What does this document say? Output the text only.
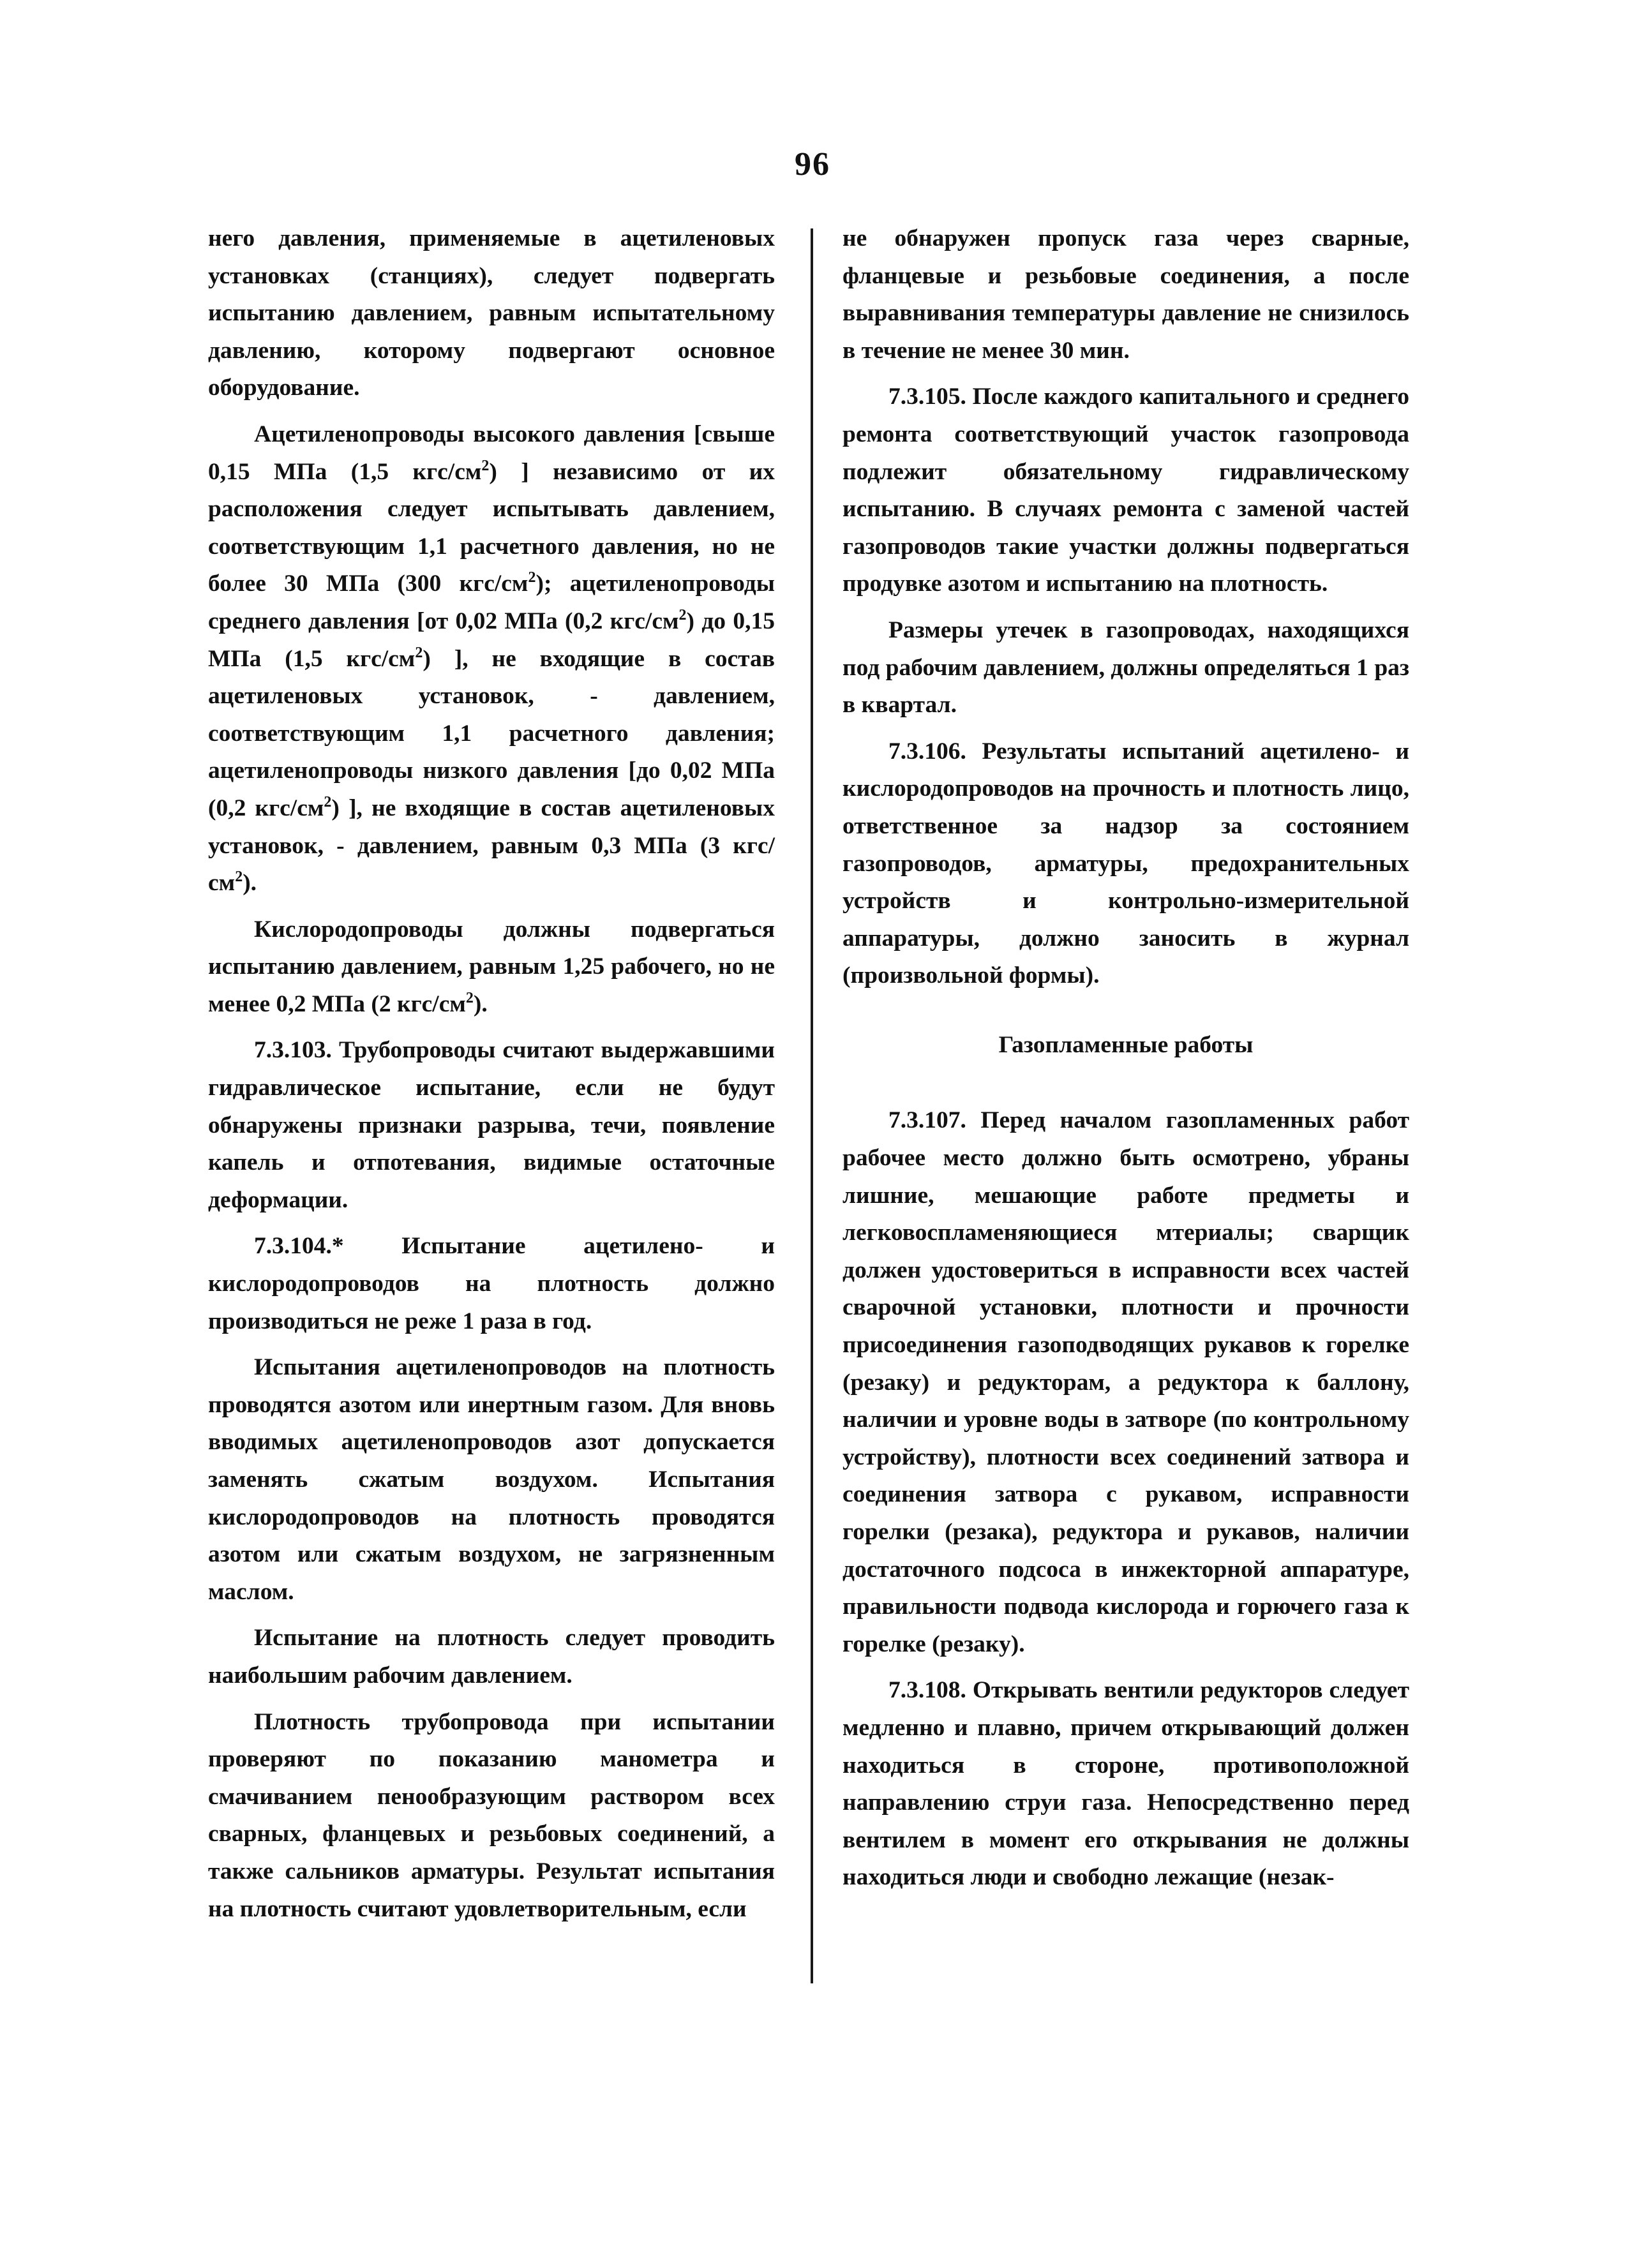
96

него давления, применяемые в ацетиленовых установках (станциях), следует подвергать испытанию давлением, равным испытательному давлению, которому подвергают основное оборудование.

Ацетиленопроводы высокого давления [свыше 0,15 МПа (1,5 кгс/$см^2$) ] независимо от их расположения следует испытывать давлением, соответствующим 1,1 расчетного давления, но не более 30 МПа (300 кгс/$см^2$); ацетиленопроводы среднего давления [от 0,02 МПа (0,2 кгс/$см^2$) до 0,15 МПа (1,5 кгс/$см^2$) ], не входящие в состав ацетиленовых установок, - давлением, соответствующим 1,1 расчетного давления; ацетиленопроводы низкого давления [до 0,02 МПа (0,2 кгс/$см^2$) ], не входящие в состав ацетиленовых установок, - давлением, равным 0,3 МПа (3 кгс/$см^2$).

Кислородопроводы должны подвергаться испытанию давлением, равным 1,25 рабочего, но не менее 0,2 МПа (2 кгс/$см^2$).

7.3.103. Трубопроводы считают выдержавшими гидравлическое испытание, если не будут обнаружены признаки разрыва, течи, появление капель и отпотевания, видимые остаточные деформации.

7.3.104.* Испытание ацетилено- и кислородопроводов на плотность должно производиться не реже 1 раза в год.

Испытания ацетиленопроводов на плотность проводятся азотом или инертным газом. Для вновь вводимых ацетиленопроводов азот допускается заменять сжатым воздухом. Испытания кислородопроводов на плотность проводятся азотом или сжатым воздухом, не загрязненным маслом.

Испытание на плотность следует проводить наибольшим рабочим давлением.

Плотность трубопровода при испытании проверяют по показанию манометра и смачиванием пенообразующим раствором всех сварных, фланцевых и резьбовых соединений, а также сальников арматуры. Результат испытания на плотность считают удовлетворительным, если

не обнаружен пропуск газа через сварные, фланцевые и резьбовые соединения, а после выравнивания температуры давление не снизилось в течение не менее 30 мин.

7.3.105. После каждого капитального и среднего ремонта соответствующий участок газопровода подлежит обязательному гидравлическому испытанию. В случаях ремонта с заменой частей газопроводов такие участки должны подвергаться продувке азотом и испытанию на плотность.

Размеры утечек в газопроводах, находящихся под рабочим давлением, должны определяться 1 раз в квартал.

7.3.106. Результаты испытаний ацетилено- и кислородопроводов на прочность и плотность лицо, ответственное за надзор за состоянием газопроводов, арматуры, предохранительных устройств и контрольно-измерительной аппаратуры, должно заносить в журнал (произвольной формы).

Газопламенные работы

7.3.107. Перед началом газопламенных работ рабочее место должно быть осмотрено, убраны лишние, мешающие работе предметы и легковоспламеняющиеся мтериалы; сварщик должен удостовериться в исправности всех частей сварочной установки, плотности и прочности присоединения газоподводящих рукавов к горелке (резаку) и редукторам, а редуктора к баллону, наличии и уровне воды в затворе (по контрольному устройству), плотности всех соединений затвора и соединения затвора с рукавом, исправности горелки (резака), редуктора и рукавов, наличии достаточного подсоса в инжекторной аппаратуре, правильности подвода кислорода и горючего газа к горелке (резаку).

7.3.108. Открывать вентили редукторов следует медленно и плавно, причем открывающий должен находиться в стороне, противоположной направлению струи газа. Непосредственно перед вентилем в момент его открывания не должны находиться люди и свободно лежащие (незак-
